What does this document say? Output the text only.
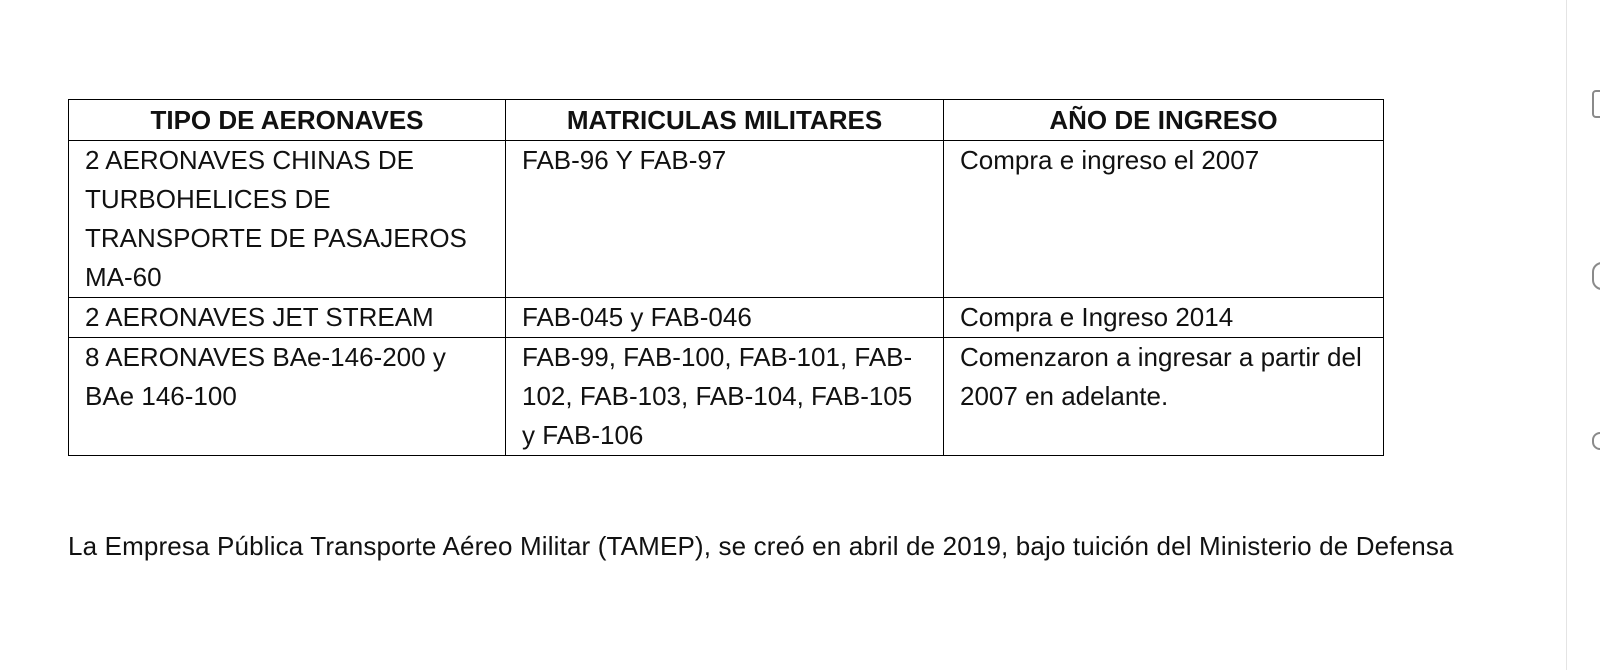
TIPO DE AERONAVES	MATRICULAS MILITARES	AÑO DE INGRESO
2 AERONAVES CHINAS DE TURBOHELICES DE TRANSPORTE DE PASAJEROS MA-60	FAB-96 Y FAB-97	Compra e ingreso el 2007
2 AERONAVES JET STREAM	FAB-045 y FAB-046	Compra e Ingreso 2014
8 AERONAVES BAe-146-200 y BAe 146-100	FAB-99, FAB-100, FAB-101, FAB-102, FAB-103, FAB-104, FAB-105 y FAB-106	Comenzaron a ingresar a partir del 2007 en adelante.

La Empresa Pública Transporte Aéreo Militar (TAMEP), se creó en abril de 2019, bajo tuición del Ministerio de Defensa
